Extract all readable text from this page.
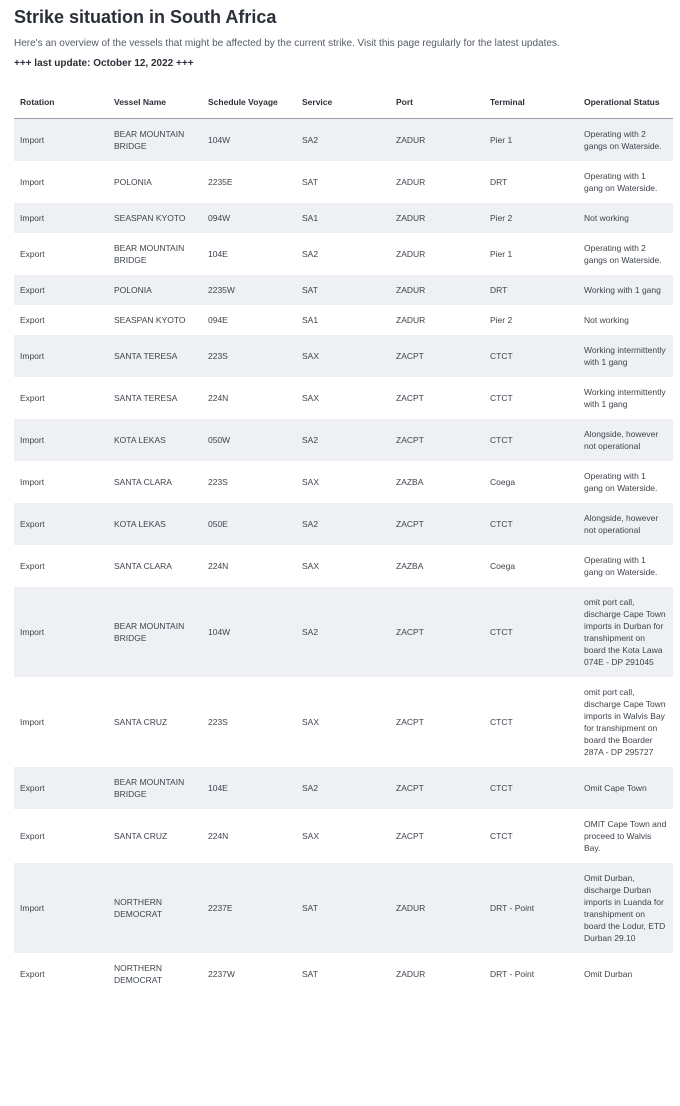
Strike situation in South Africa

Here's an overview of the vessels that might be affected by the current strike. Visit this page regularly for the latest updates.

+++ last update: October 12, 2022 +++

Rotation	Vessel Name	Schedule Voyage	Service	Port	Terminal	Operational Status
Import	BEAR MOUNTAIN BRIDGE	104W	SA2	ZADUR	Pier 1	Operating with 2 gangs on Waterside.
Import	POLONIA	2235E	SAT	ZADUR	DRT	Operating with 1 gang on Waterside.
Import	SEASPAN KYOTO	094W	SA1	ZADUR	Pier 2	Not working
Export	BEAR MOUNTAIN BRIDGE	104E	SA2	ZADUR	Pier 1	Operating with 2 gangs on Waterside.
Export	POLONIA	2235W	SAT	ZADUR	DRT	Working with 1 gang
Export	SEASPAN KYOTO	094E	SA1	ZADUR	Pier 2	Not working
Import	SANTA TERESA	223S	SAX	ZACPT	CTCT	Working intermittently with 1 gang
Export	SANTA TERESA	224N	SAX	ZACPT	CTCT	Working intermittently with 1 gang
Import	KOTA LEKAS	050W	SA2	ZACPT	CTCT	Alongside, however not operational
Import	SANTA CLARA	223S	SAX	ZAZBA	Coega	Operating with 1 gang on Waterside.
Export	KOTA LEKAS	050E	SA2	ZACPT	CTCT	Alongside, however not operational
Export	SANTA CLARA	224N	SAX	ZAZBA	Coega	Operating with 1 gang on Waterside.
Import	BEAR MOUNTAIN BRIDGE	104W	SA2	ZACPT	CTCT	omit port call, discharge Cape Town imports in Durban for transhipment on board the Kota Lawa 074E - DP 291045
Import	SANTA CRUZ	223S	SAX	ZACPT	CTCT	omit port call, discharge Cape Town imports in Walvis Bay for transhipment on board the Boarder 287A - DP 295727
Export	BEAR MOUNTAIN BRIDGE	104E	SA2	ZACPT	CTCT	Omit Cape Town
Export	SANTA CRUZ	224N	SAX	ZACPT	CTCT	OMIT Cape Town and proceed to Walvis Bay.
Import	NORTHERN DEMOCRAT	2237E	SAT	ZADUR	DRT - Point	Omit Durban, discharge Durban imports in Luanda for transhipment on board the Lodur, ETD Durban 29.10
Export	NORTHERN DEMOCRAT	2237W	SAT	ZADUR	DRT - Point	Omit Durban
